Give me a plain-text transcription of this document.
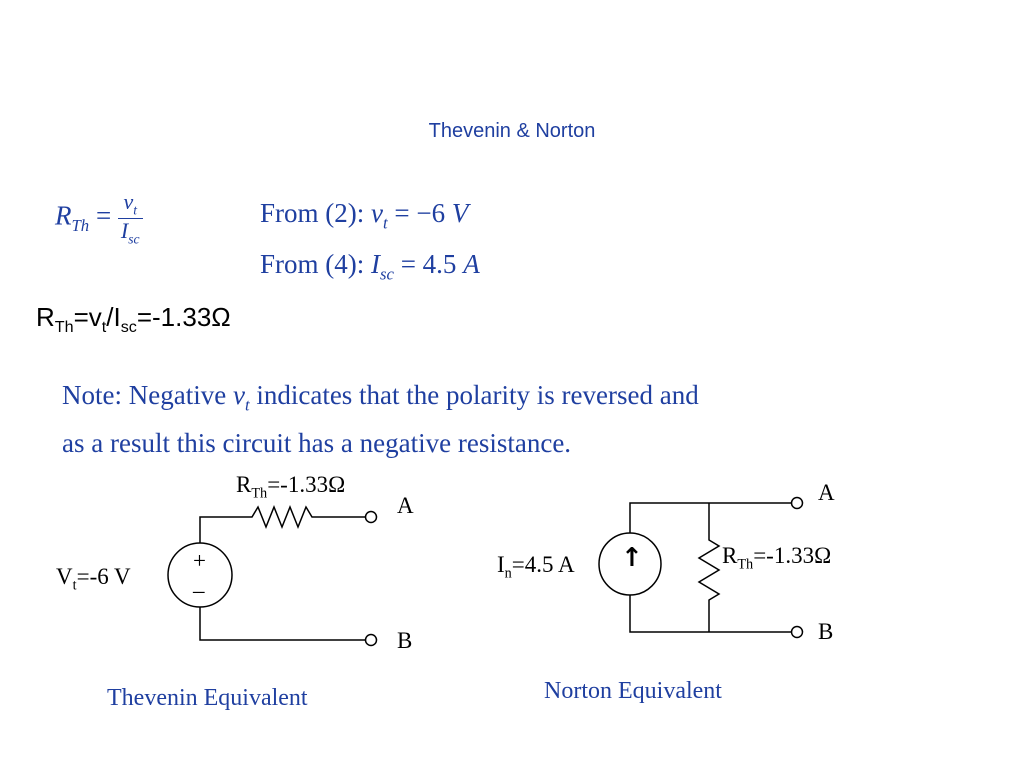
Thevenin & Norton
$R_{Th} = \frac{v_t}{I_{sc}}$	From (2): $v_t = -6$ V
From (4): $I_{sc} = 4.5$ A
$R_{Th}=v_t/I_{sc}=-1.33\Omega$
Note: Negative $v_t$ indicates that the polarity is reversed and
as a result this circuit has a negative resistance.
$R_{Th}=-1.33\Omega$
A
B
+
–
$V_t=-6$ V
Thevenin Equivalent
A
B
$I_n=4.5$ A ↑	$R_{Th}=-1.33\Omega$
Norton Equivalent
